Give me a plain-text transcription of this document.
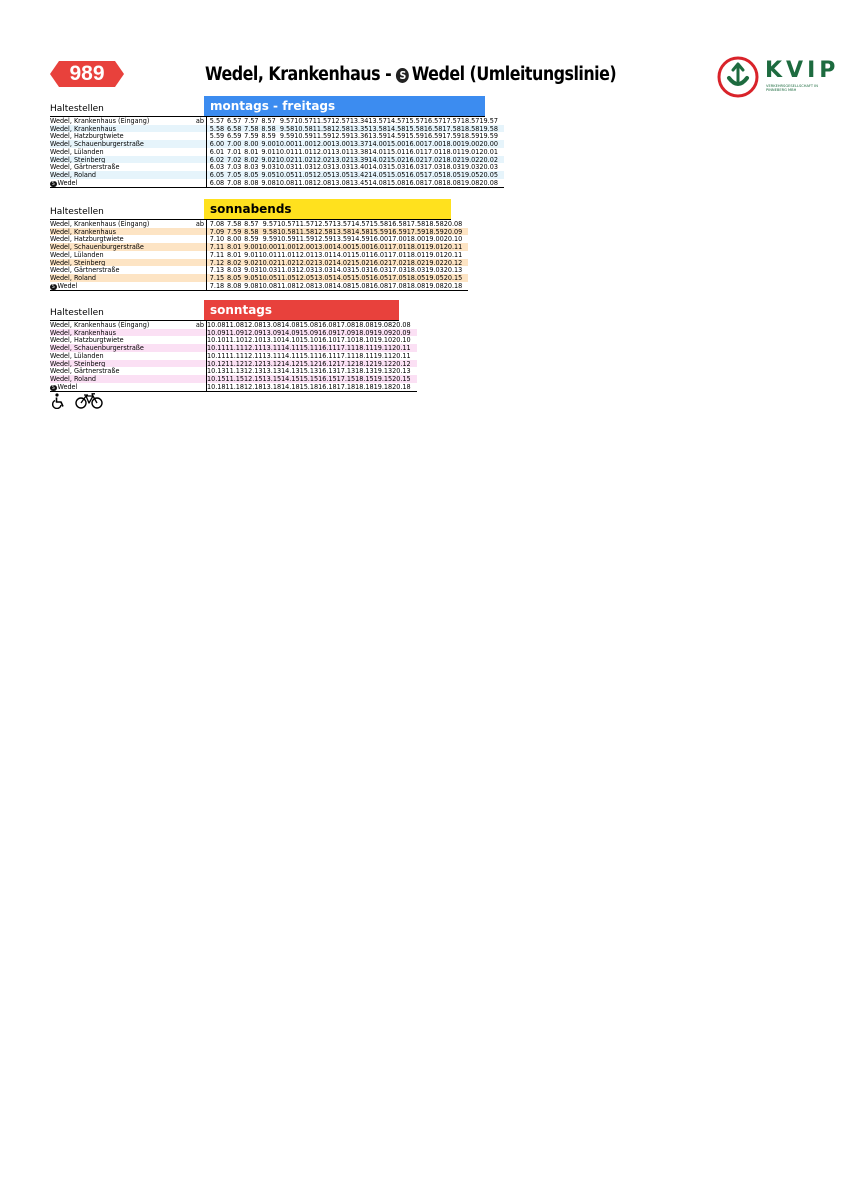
989	Wedel, Krankenhaus - S Wedel (Umleitungslinie)	KVIP
VERKEHRSGESELLSCHAFT IN PINNEBERG MBH
Haltestellen	montags - freitags
Wedel, Krankenhaus (Eingang)	ab	5.57	6.57	7.57	8.57	9.57	10.57	11.57	12.57	13.34	13.57	14.57	15.57	16.57	17.57	18.57	19.57	
Wedel, Krankenhaus		5.58	6.58	7.58	8.58	9.58	10.58	11.58	12.58	13.35	13.58	14.58	15.58	16.58	17.58	18.58	19.58	
Wedel, Hatzburgtwiete		5.59	6.59	7.59	8.59	9.59	10.59	11.59	12.59	13.36	13.59	14.59	15.59	16.59	17.59	18.59	19.59	
Wedel, Schauenburgerstraße		6.00	7.00	8.00	9.00	10.00	11.00	12.00	13.00	13.37	14.00	15.00	16.00	17.00	18.00	19.00	20.00	
Wedel, Lülanden		6.01	7.01	8.01	9.01	10.01	11.01	12.01	13.01	13.38	14.01	15.01	16.01	17.01	18.01	19.01	20.01	
Wedel, Steinberg		6.02	7.02	8.02	9.02	10.02	11.02	12.02	13.02	13.39	14.02	15.02	16.02	17.02	18.02	19.02	20.02	
Wedel, Gärtnerstraße		6.03	7.03	8.03	9.03	10.03	11.03	12.03	13.03	13.40	14.03	15.03	16.03	17.03	18.03	19.03	20.03	
Wedel, Roland		6.05	7.05	8.05	9.05	10.05	11.05	12.05	13.05	13.42	14.05	15.05	16.05	17.05	18.05	19.05	20.05	
S Wedel		6.08	7.08	8.08	9.08	10.08	11.08	12.08	13.08	13.45	14.08	15.08	16.08	17.08	18.08	19.08	20.08	
Haltestellen	sonnabends
Wedel, Krankenhaus (Eingang)	ab	7.08	7.58	8.57	9.57	10.57	11.57	12.57	13.57	14.57	15.58	16.58	17.58	18.58	20.08	
Wedel, Krankenhaus		7.09	7.59	8.58	9.58	10.58	11.58	12.58	13.58	14.58	15.59	16.59	17.59	18.59	20.09	
Wedel, Hatzburgtwiete		7.10	8.00	8.59	9.59	10.59	11.59	12.59	13.59	14.59	16.00	17.00	18.00	19.00	20.10	
Wedel, Schauenburgerstraße		7.11	8.01	9.00	10.00	11.00	12.00	13.00	14.00	15.00	16.01	17.01	18.01	19.01	20.11	
Wedel, Lülanden		7.11	8.01	9.01	10.01	11.01	12.01	13.01	14.01	15.01	16.01	17.01	18.01	19.01	20.11	
Wedel, Steinberg		7.12	8.02	9.02	10.02	11.02	12.02	13.02	14.02	15.02	16.02	17.02	18.02	19.02	20.12	
Wedel, Gärtnerstraße		7.13	8.03	9.03	10.03	11.03	12.03	13.03	14.03	15.03	16.03	17.03	18.03	19.03	20.13	
Wedel, Roland		7.15	8.05	9.05	10.05	11.05	12.05	13.05	14.05	15.05	16.05	17.05	18.05	19.05	20.15	
S Wedel		7.18	8.08	9.08	10.08	11.08	12.08	13.08	14.08	15.08	16.08	17.08	18.08	19.08	20.18	
Haltestellen	sonntags
Wedel, Krankenhaus (Eingang)	ab	10.08	11.08	12.08	13.08	14.08	15.08	16.08	17.08	18.08	19.08	20.08	
Wedel, Krankenhaus		10.09	11.09	12.09	13.09	14.09	15.09	16.09	17.09	18.09	19.09	20.09	
Wedel, Hatzburgtwiete		10.10	11.10	12.10	13.10	14.10	15.10	16.10	17.10	18.10	19.10	20.10	
Wedel, Schauenburgerstraße		10.11	11.11	12.11	13.11	14.11	15.11	16.11	17.11	18.11	19.11	20.11	
Wedel, Lülanden		10.11	11.11	12.11	13.11	14.11	15.11	16.11	17.11	18.11	19.11	20.11	
Wedel, Steinberg		10.12	11.12	12.12	13.12	14.12	15.12	16.12	17.12	18.12	19.12	20.12	
Wedel, Gärtnerstraße		10.13	11.13	12.13	13.13	14.13	15.13	16.13	17.13	18.13	19.13	20.13	
Wedel, Roland		10.15	11.15	12.15	13.15	14.15	15.15	16.15	17.15	18.15	19.15	20.15	
S Wedel		10.18	11.18	12.18	13.18	14.18	15.18	16.18	17.18	18.18	19.18	20.18	
